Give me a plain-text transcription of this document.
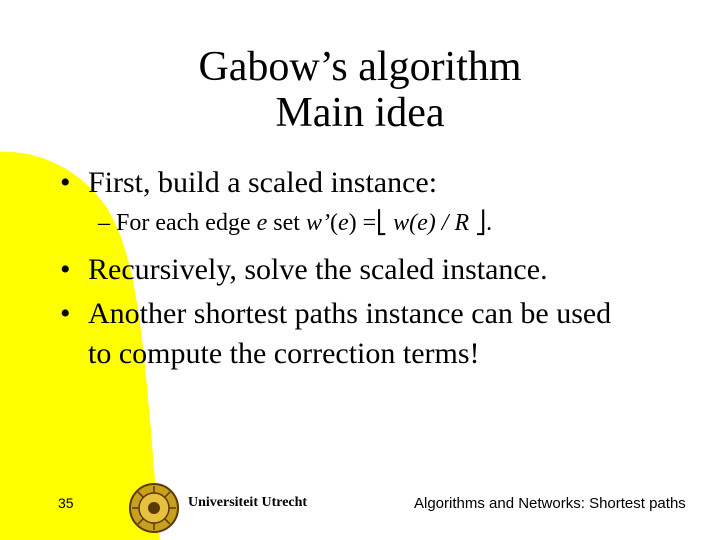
Gabow’s algorithm
Main idea
• First, build a scaled instance:
– For each edge e set w’(e) =⎣ w(e) / R ⎦.
• Recursively, solve the scaled instance.
• Another shortest paths instance can be used
to compute the correction terms!
35	Universiteit Utrecht	Algorithms and Networks: Shortest paths
